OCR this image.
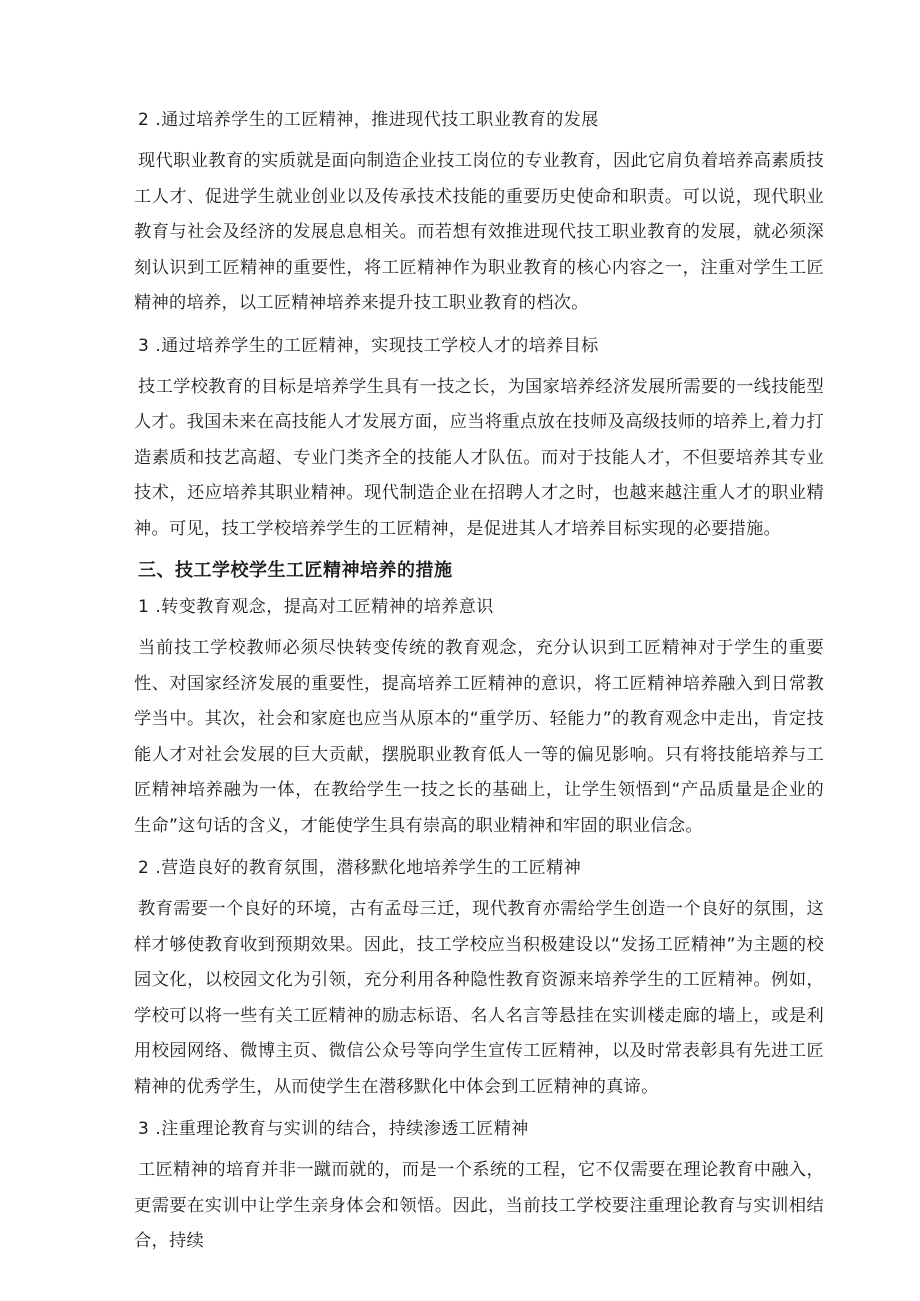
2 .通过培养学生的工匠精神，推进现代技工职业教育的发展

现代职业教育的实质就是面向制造企业技工岗位的专业教育，因此它肩负着培养高素质技工人才、促进学生就业创业以及传承技术技能的重要历史使命和职责。可以说，现代职业教育与社会及经济的发展息息相关。而若想有效推进现代技工职业教育的发展，就必须深刻认识到工匠精神的重要性，将工匠精神作为职业教育的核心内容之一，注重对学生工匠精神的培养，以工匠精神培养来提升技工职业教育的档次。

3 .通过培养学生的工匠精神，实现技工学校人才的培养目标

技工学校教育的目标是培养学生具有一技之长，为国家培养经济发展所需要的一线技能型人才。我国未来在高技能人才发展方面，应当将重点放在技师及高级技师的培养上,着力打造素质和技艺高超、专业门类齐全的技能人才队伍。而对于技能人才，不但要培养其专业技术，还应培养其职业精神。现代制造企业在招聘人才之时，也越来越注重人才的职业精神。可见，技工学校培养学生的工匠精神，是促进其人才培养目标实现的必要措施。

三、技工学校学生工匠精神培养的措施
1 .转变教育观念，提高对工匠精神的培养意识

当前技工学校教师必须尽快转变传统的教育观念，充分认识到工匠精神对于学生的重要性、对国家经济发展的重要性，提高培养工匠精神的意识，将工匠精神培养融入到日常教学当中。其次，社会和家庭也应当从原本的“重学历、轻能力”的教育观念中走出，肯定技能人才对社会发展的巨大贡献，摆脱职业教育低人一等的偏见影响。只有将技能培养与工匠精神培养融为一体，在教给学生一技之长的基础上，让学生领悟到“产品质量是企业的生命”这句话的含义，才能使学生具有崇高的职业精神和牢固的职业信念。

2 .营造良好的教育氛围，潜移默化地培养学生的工匠精神

教育需要一个良好的环境，古有孟母三迁，现代教育亦需给学生创造一个良好的氛围，这样才够使教育收到预期效果。因此，技工学校应当积极建设以“发扬工匠精神”为主题的校园文化，以校园文化为引领，充分利用各种隐性教育资源来培养学生的工匠精神。例如，学校可以将一些有关工匠精神的励志标语、名人名言等悬挂在实训楼走廊的墙上，或是利用校园网络、微博主页、微信公众号等向学生宣传工匠精神，以及时常表彰具有先进工匠精神的优秀学生，从而使学生在潜移默化中体会到工匠精神的真谛。

3 .注重理论教育与实训的结合，持续渗透工匠精神

工匠精神的培育并非一蹴而就的，而是一个系统的工程，它不仅需要在理论教育中融入，更需要在实训中让学生亲身体会和领悟。因此，当前技工学校要注重理论教育与实训相结合，持续
